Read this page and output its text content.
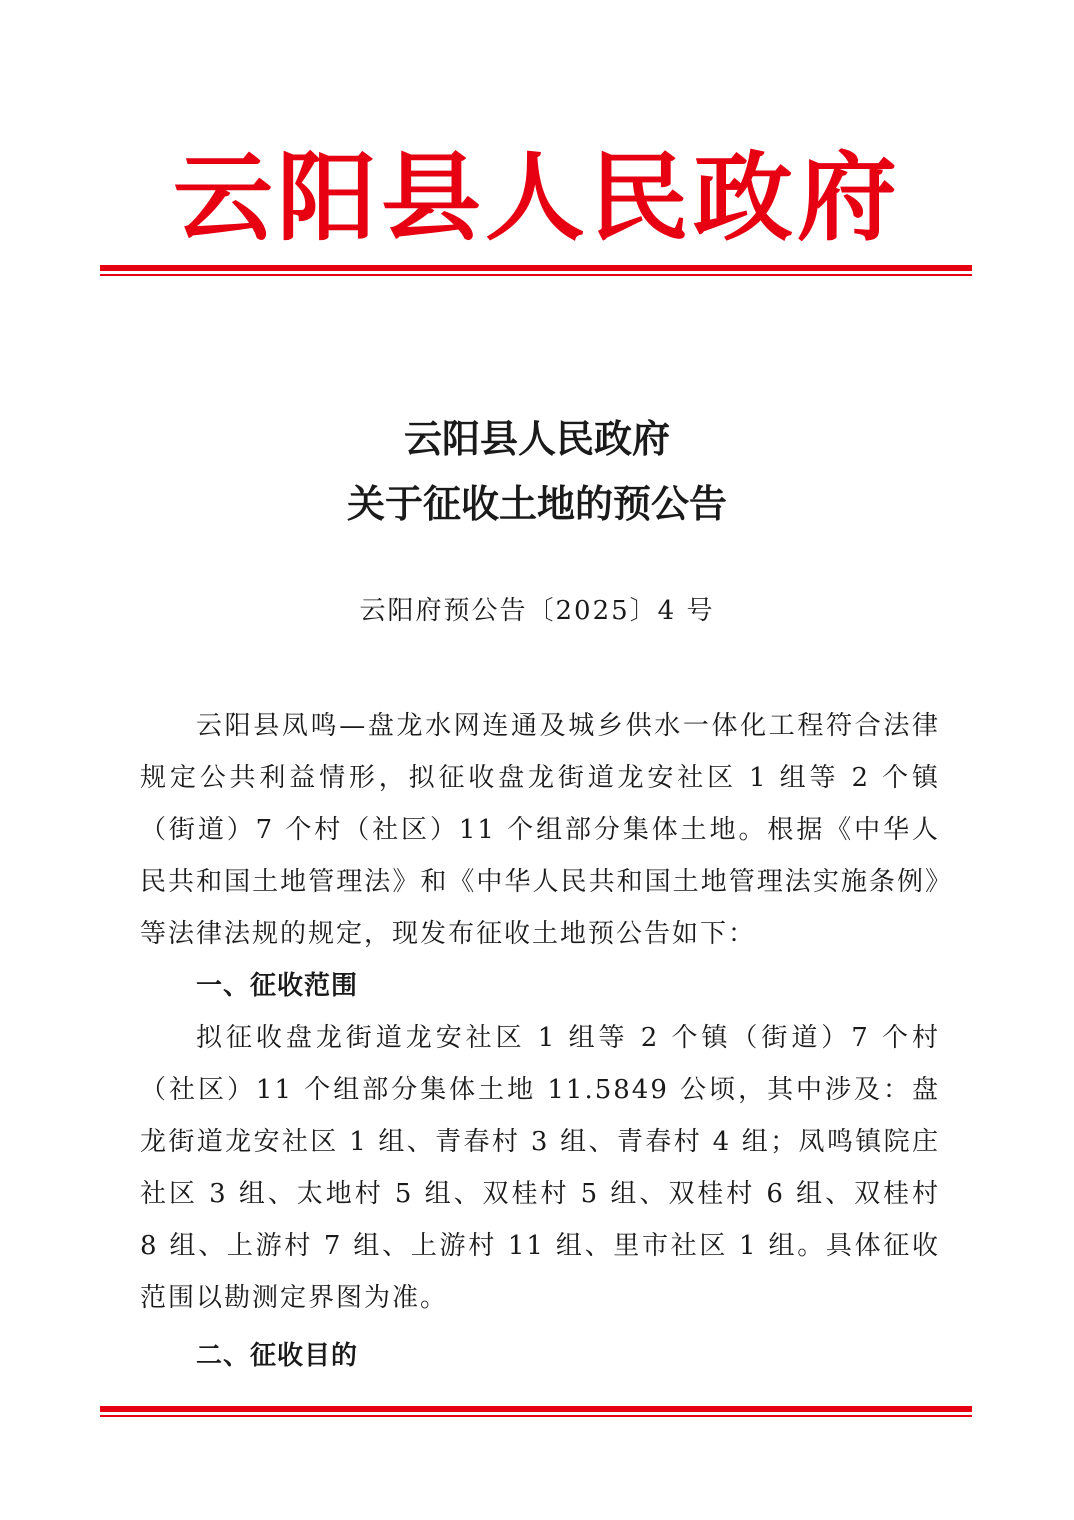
云阳县人民政府
云阳县人民政府
关于征收土地的预公告
云阳府预公告〔2025〕4 号

云阳县凤鸣—盘龙水网连通及城乡供水一体化工程符合法律规定公共利益情形，拟征收盘龙街道龙安社区 1 组等 2 个镇（街道）7 个村（社区）11 个组部分集体土地。根据《中华人民共和国土地管理法》和《中华人民共和国土地管理法实施条例》等法律法规的规定，现发布征收土地预公告如下：

一、征收范围

拟征收盘龙街道龙安社区 1 组等 2 个镇（街道）7 个村（社区）11 个组部分集体土地 11.5849 公顷，其中涉及：盘龙街道龙安社区 1 组、青春村 3 组、青春村 4 组；凤鸣镇院庄社区 3 组、太地村 5 组、双桂村 5 组、双桂村 6 组、双桂村 8 组、上游村 7 组、上游村 11 组、里市社区 1 组。具体征收范围以勘测定界图为准。

二、征收目的
